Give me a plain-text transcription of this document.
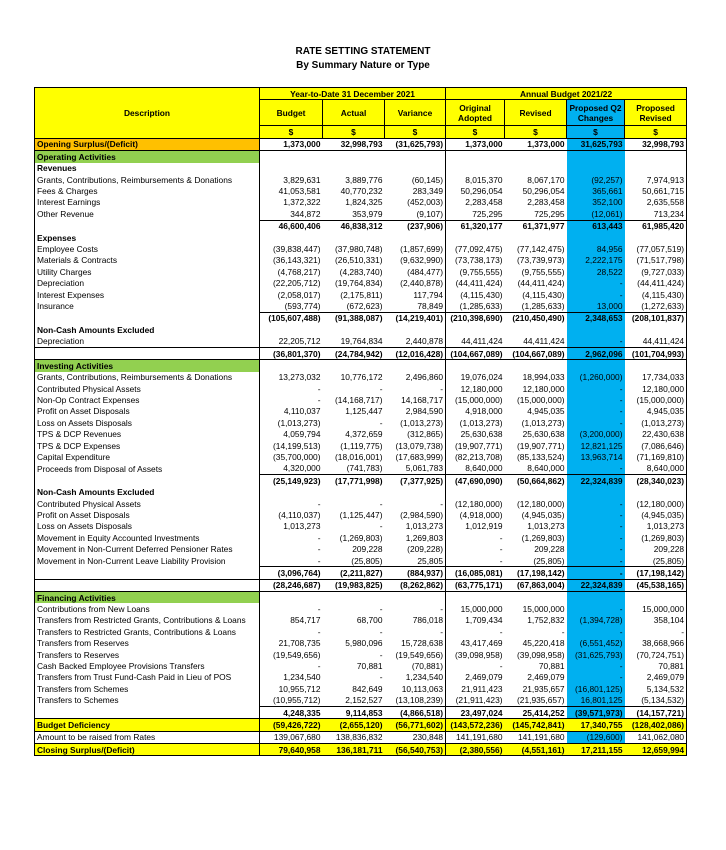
RATE SETTING STATEMENT
By Summary Nature or Type
Description	Year-to-Date 31 December 2021			Annual Budget 2021/22			
	Budget	Actual	Variance	Original Adopted	Revised	Proposed Q2 Changes	Proposed Revised
	$	$	$	$	$	$	$
Opening Surplus/(Deficit)	1,373,000	32,998,793	(31,625,793)	1,373,000	1,373,000	31,625,793	32,998,793
Operating Activities							
Revenues							
Grants, Contributions, Reimbursements & Donations	3,829,631	3,889,776	(60,145)	8,015,370	8,067,170	(92,257)	7,974,913
Fees & Charges	41,053,581	40,770,232	283,349	50,296,054	50,296,054	365,661	50,661,715
Interest Earnings	1,372,322	1,824,325	(452,003)	2,283,458	2,283,458	352,100	2,635,558
Other Revenue	344,872	353,979	(9,107)	725,295	725,295	(12,061)	713,234
	46,600,406	46,838,312	(237,906)	61,320,177	61,371,977	613,443	61,985,420
Expenses							
Employee Costs	(39,838,447)	(37,980,748)	(1,857,699)	(77,092,475)	(77,142,475)	84,956	(77,057,519)
Materials & Contracts	(36,143,321)	(26,510,331)	(9,632,990)	(73,738,173)	(73,739,973)	2,222,175	(71,517,798)
Utility Charges	(4,768,217)	(4,283,740)	(484,477)	(9,755,555)	(9,755,555)	28,522	(9,727,033)
Depreciation	(22,205,712)	(19,764,834)	(2,440,878)	(44,411,424)	(44,411,424)	-	(44,411,424)
Interest Expenses	(2,058,017)	(2,175,811)	117,794	(4,115,430)	(4,115,430)	-	(4,115,430)
Insurance	(593,774)	(672,623)	78,849	(1,285,633)	(1,285,633)	13,000	(1,272,633)
	(105,607,488)	(91,388,087)	(14,219,401)	(210,398,690)	(210,450,490)	2,348,653	(208,101,837)
Non-Cash Amounts Excluded							
Depreciation	22,205,712	19,764,834	2,440,878	44,411,424	44,411,424	-	44,411,424
	(36,801,370)	(24,784,942)	(12,016,428)	(104,667,089)	(104,667,089)	2,962,096	(101,704,993)
Investing Activities							
Grants, Contributions, Reimbursements & Donations	13,273,032	10,776,172	2,496,860	19,076,024	18,994,033	(1,260,000)	17,734,033
Contributed Physical Assets	-	-	-	12,180,000	12,180,000	-	12,180,000
Non-Op Contract Expenses	-	(14,168,717)	14,168,717	(15,000,000)	(15,000,000)	-	(15,000,000)
Profit on Asset Disposals	4,110,037	1,125,447	2,984,590	4,918,000	4,945,035	-	4,945,035
Loss on Assets Disposals	(1,013,273)	-	(1,013,273)	(1,013,273)	(1,013,273)	-	(1,013,273)
TPS & DCP Revenues	4,059,794	4,372,659	(312,865)	25,630,638	25,630,638	(3,200,000)	22,430,638
TPS & DCP Expenses	(14,199,513)	(1,119,775)	(13,079,738)	(19,907,771)	(19,907,771)	12,821,125	(7,086,646)
Capital Expenditure	(35,700,000)	(18,016,001)	(17,683,999)	(82,213,708)	(85,133,524)	13,963,714	(71,169,810)
Proceeds from Disposal of Assets	4,320,000	(741,783)	5,061,783	8,640,000	8,640,000	-	8,640,000
	(25,149,923)	(17,771,998)	(7,377,925)	(47,690,090)	(50,664,862)	22,324,839	(28,340,023)
Non-Cash Amounts Excluded							
Contributed Physical Assets	-	-	-	(12,180,000)	(12,180,000)	-	(12,180,000)
Profit on Asset Disposals	(4,110,037)	(1,125,447)	(2,984,590)	(4,918,000)	(4,945,035)	-	(4,945,035)
Loss on Assets Disposals	1,013,273	-	1,013,273	1,012,919	1,013,273	-	1,013,273
Movement in Equity Accounted Investments	-	(1,269,803)	1,269,803	-	(1,269,803)	-	(1,269,803)
Movement in Non-Current Deferred Pensioner Rates	-	209,228	(209,228)	-	209,228	-	209,228
Movement in Non-Current Leave Liability Provision	-	(25,805)	25,805	-	(25,805)	-	(25,805)
	(3,096,764)	(2,211,827)	(884,937)	(16,085,081)	(17,198,142)	-	(17,198,142)
	(28,246,687)	(19,983,825)	(8,262,862)	(63,775,171)	(67,863,004)	22,324,839	(45,538,165)
Financing Activities							
Contributions from New Loans	-	-	-	15,000,000	15,000,000	-	15,000,000
Transfers from Restricted Grants, Contributions & Loans	854,717	68,700	786,018	1,709,434	1,752,832	(1,394,728)	358,104
Transfers to Restricted Grants, Contributions & Loans	-	-	-	-	-	-	-
Transfers from Reserves	21,708,735	5,980,096	15,728,638	43,417,469	45,220,418	(6,551,452)	38,668,966
Transfers to Reserves	(19,549,656)	-	(19,549,656)	(39,098,958)	(39,098,958)	(31,625,793)	(70,724,751)
Cash Backed Employee Provisions Transfers	-	70,881	(70,881)	-	70,881	-	70,881
Transfers from Trust Fund-Cash Paid in Lieu of POS	1,234,540	-	1,234,540	2,469,079	2,469,079	-	2,469,079
Transfers from Schemes	10,955,712	842,649	10,113,063	21,911,423	21,935,657	(16,801,125)	5,134,532
Transfers to Schemes	(10,955,712)	2,152,527	(13,108,239)	(21,911,423)	(21,935,657)	16,801,125	(5,134,532)
	4,248,335	9,114,853	(4,866,518)	23,497,024	25,414,252	(39,571,973)	(14,157,721)
Budget Deficiency	(59,426,722)	(2,655,120)	(56,771,602)	(143,572,236)	(145,742,841)	17,340,755	(128,402,086)
Amount to be raised from Rates	139,067,680	138,836,832	230,848	141,191,680	141,191,680	(129,600)	141,062,080
Closing Surplus/(Deficit)	79,640,958	136,181,711	(56,540,753)	(2,380,556)	(4,551,161)	17,211,155	12,659,994
